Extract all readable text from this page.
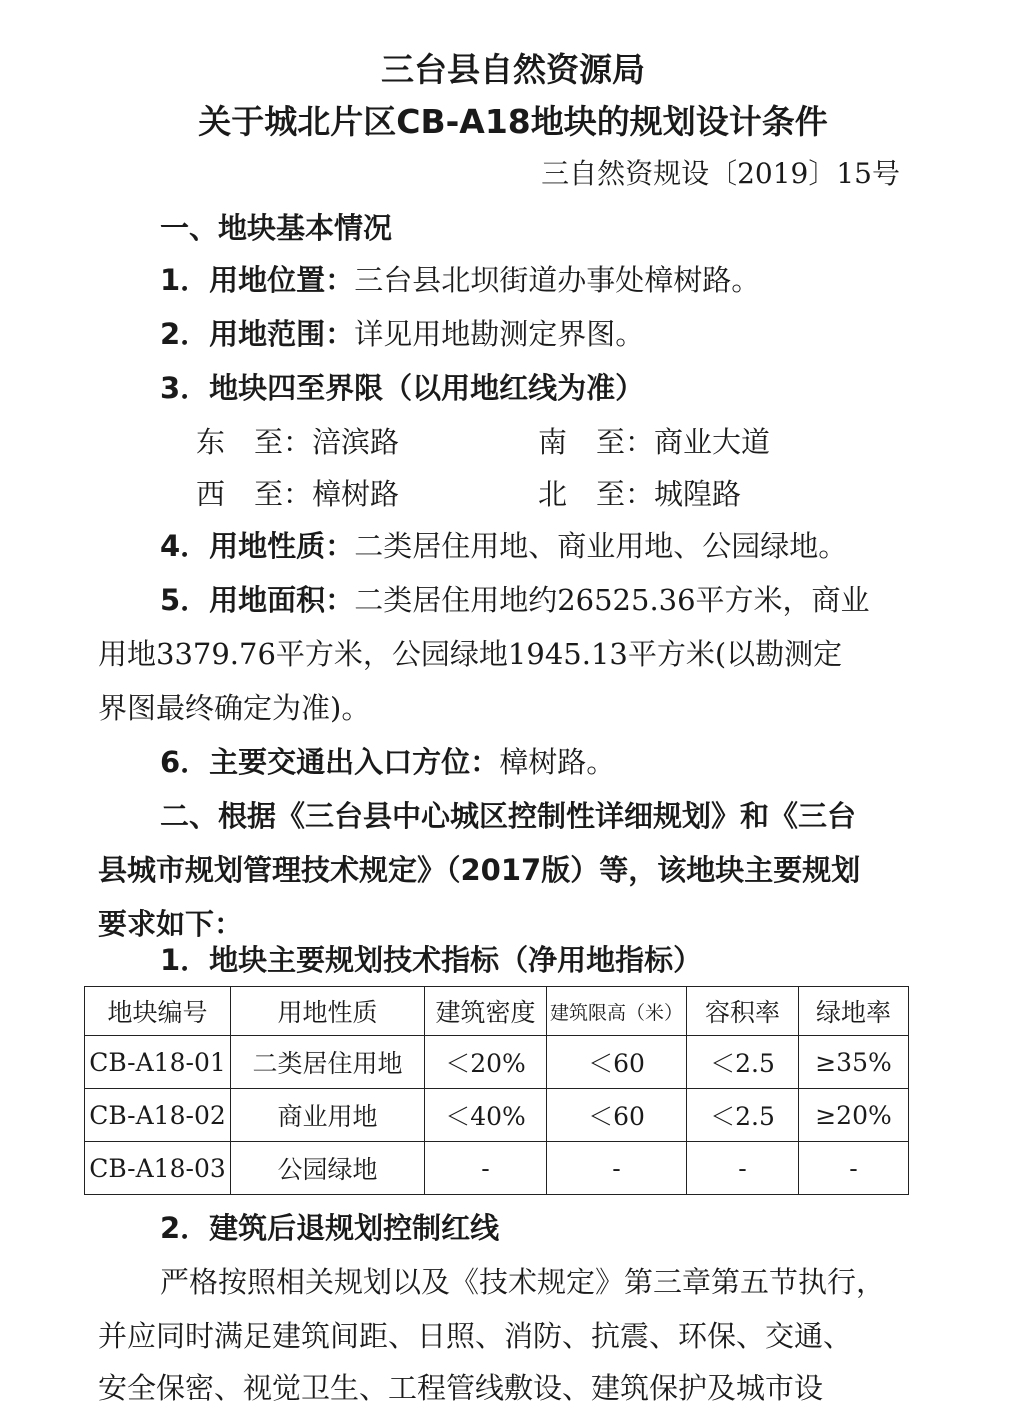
三台县自然资源局
关于城北片区CB-A18地块的规划设计条件
三自然资规设〔2019〕15号
一、地块基本情况
1．用地位置：三台县北坝街道办事处樟树路。
2．用地范围：详见用地勘测定界图。
3．地块四至界限（以用地红线为准）
东　至：涪滨路	南　至：商业大道
西　至：樟树路	北　至：城隍路
4．用地性质：二类居住用地、商业用地、公园绿地。
5．用地面积：二类居住用地约26525.36平方米，商业
用地3379.76平方米，公园绿地1945.13平方米(以勘测定
界图最终确定为准)。
6．主要交通出入口方位：樟树路。
二、根据《三台县中心城区控制性详细规划》和《三台
县城市规划管理技术规定》（2017版）等，该地块主要规划
要求如下：
1．地块主要规划技术指标（净用地指标）
地块编号	用地性质	建筑密度	建筑限高（米）	容积率	绿地率
CB-A18-01	二类居住用地	＜20%	＜60	＜2.5	≥35%
CB-A18-02	商业用地	＜40%	＜60	＜2.5	≥20%
CB-A18-03	公园绿地	-	-	-	-
2．建筑后退规划控制红线
严格按照相关规划以及《技术规定》第三章第五节执行，
并应同时满足建筑间距、日照、消防、抗震、环保、交通、
安全保密、视觉卫生、工程管线敷设、建筑保护及城市设
